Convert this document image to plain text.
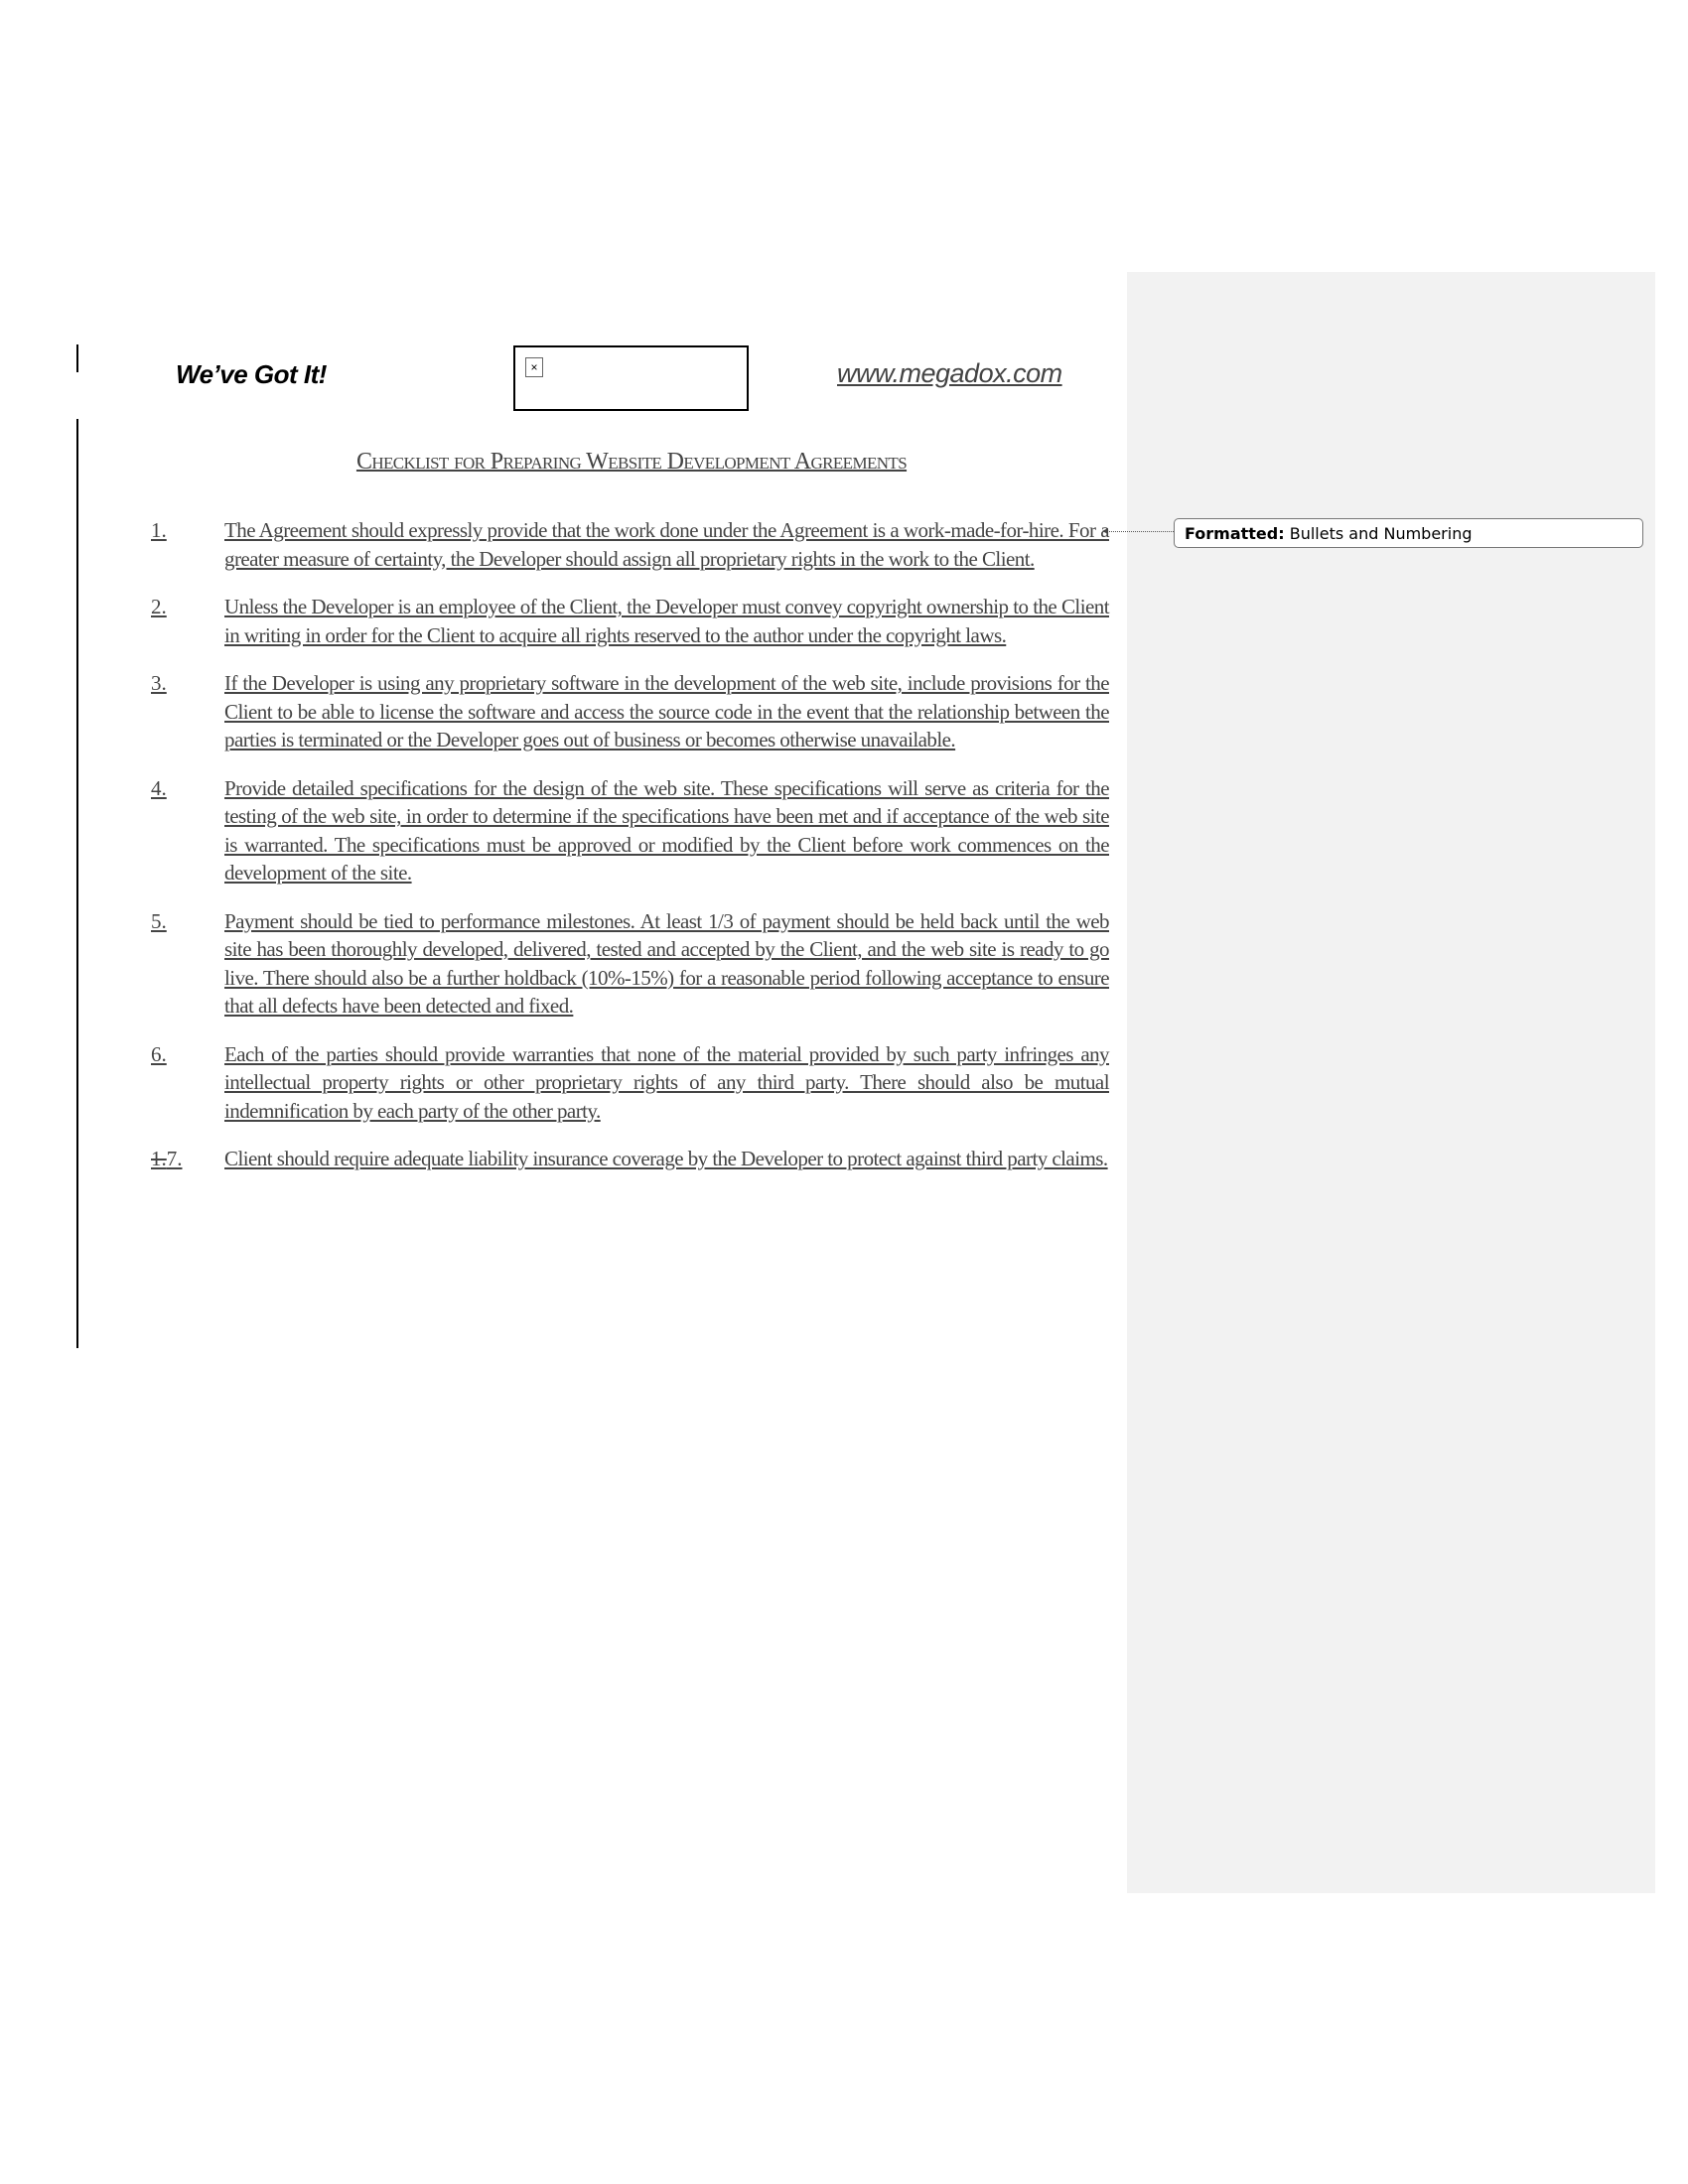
We’ve Got It!	×	www.megadox.com
Checklist for Preparing Website Development Agreements
1.	The Agreement should expressly provide that the work done under the Agreement is a work-made-for-hire. For a greater measure of certainty, the Developer should assign all proprietary rights in the work to the Client.
2.	Unless the Developer is an employee of the Client, the Developer must convey copyright ownership to the Client in writing in order for the Client to acquire all rights reserved to the author under the copyright laws.
3.	If the Developer is using any proprietary software in the development of the web site, include provisions for the Client to be able to license the software and access the source code in the event that the relationship between the parties is terminated or the Developer goes out of business or becomes otherwise unavailable.
4.	Provide detailed specifications for the design of the web site. These specifications will serve as criteria for the testing of the web site, in order to determine if the specifications have been met and if acceptance of the web site is warranted. The specifications must be approved or modified by the Client before work commences on the development of the site.
5.	Payment should be tied to performance milestones. At least 1/3 of payment should be held back until the web site has been thoroughly developed, delivered, tested and accepted by the Client, and the web site is ready to go live. There should also be a further holdback (10%-15%) for a reasonable period following acceptance to ensure that all defects have been detected and fixed.
6.	Each of the parties should provide warranties that none of the material provided by such party infringes any intellectual property rights or other proprietary rights of any third party. There should also be mutual indemnification by each party of the other party.
1.7.	Client should require adequate liability insurance coverage by the Developer to protect against third party claims.
Formatted: Bullets and Numbering
